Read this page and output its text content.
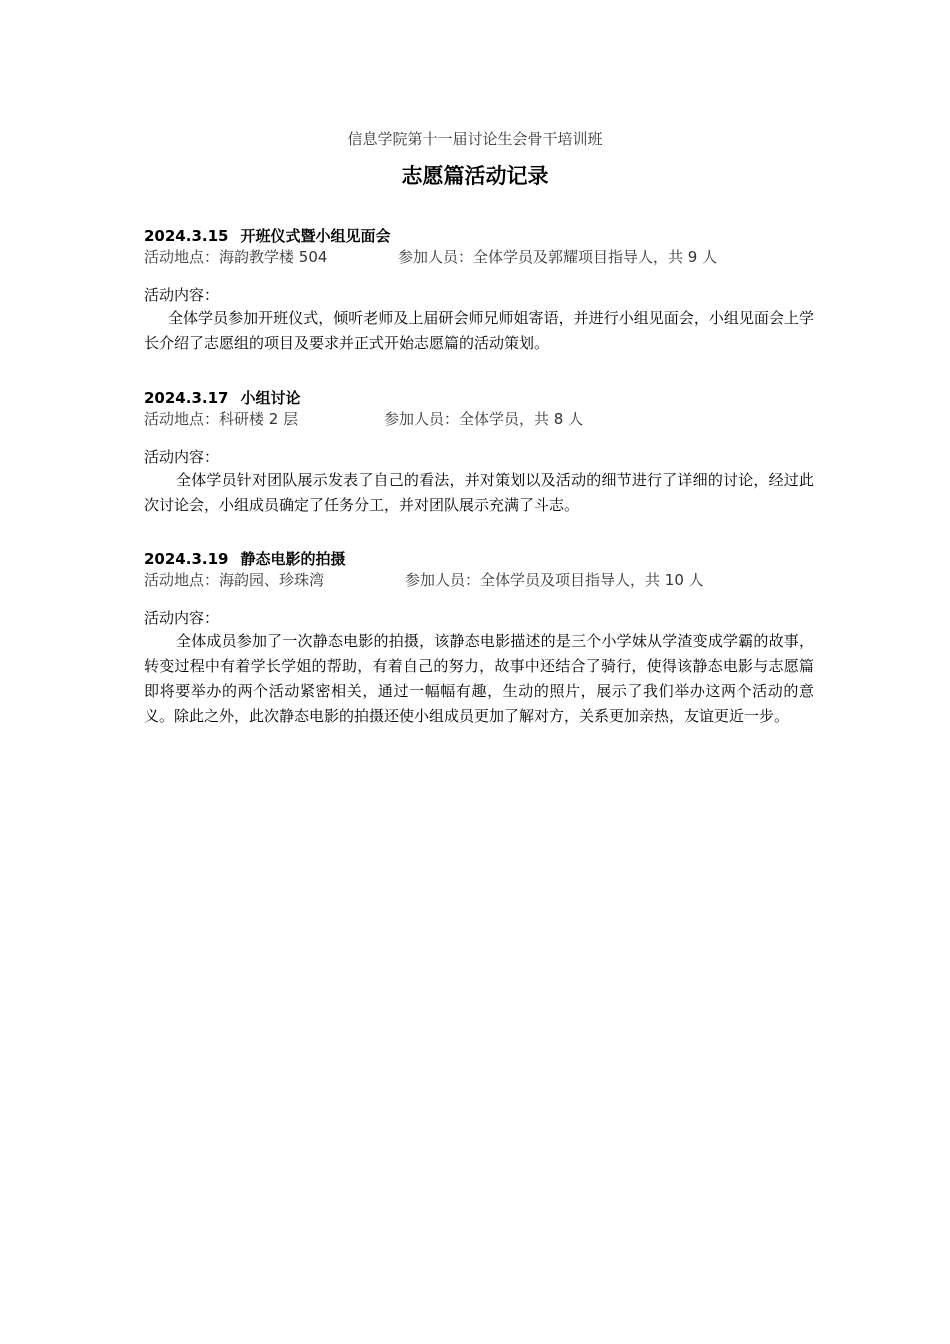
信息学院第十一届讨论生会骨干培训班
志愿篇活动记录
2024.3.15 开班仪式暨小组见面会
活动地点：海韵教学楼 504	参加人员：全体学员及郭耀项目指导人，共 9 人
活动内容：
全体学员参加开班仪式，倾听老师及上届研会师兄师姐寄语，并进行小组见面会，小组见面会上学长介绍了志愿组的项目及要求并正式开始志愿篇的活动策划。
2024.3.17 小组讨论
活动地点：科研楼 2 层	参加人员：全体学员，共 8 人
活动内容：
全体学员针对团队展示发表了自己的看法，并对策划以及活动的细节进行了详细的讨论，经过此次讨论会，小组成员确定了任务分工，并对团队展示充满了斗志。
2024.3.19 静态电影的拍摄
活动地点：海韵园、珍珠湾	参加人员：全体学员及项目指导人，共 10 人
活动内容：
全体成员参加了一次静态电影的拍摄，该静态电影描述的是三个小学妹从学渣变成学霸的故事，转变过程中有着学长学姐的帮助，有着自己的努力，故事中还结合了骑行，使得该静态电影与志愿篇即将要举办的两个活动紧密相关，通过一幅幅有趣，生动的照片，展示了我们举办这两个活动的意义。除此之外，此次静态电影的拍摄还使小组成员更加了解对方，关系更加亲热，友谊更近一步。
